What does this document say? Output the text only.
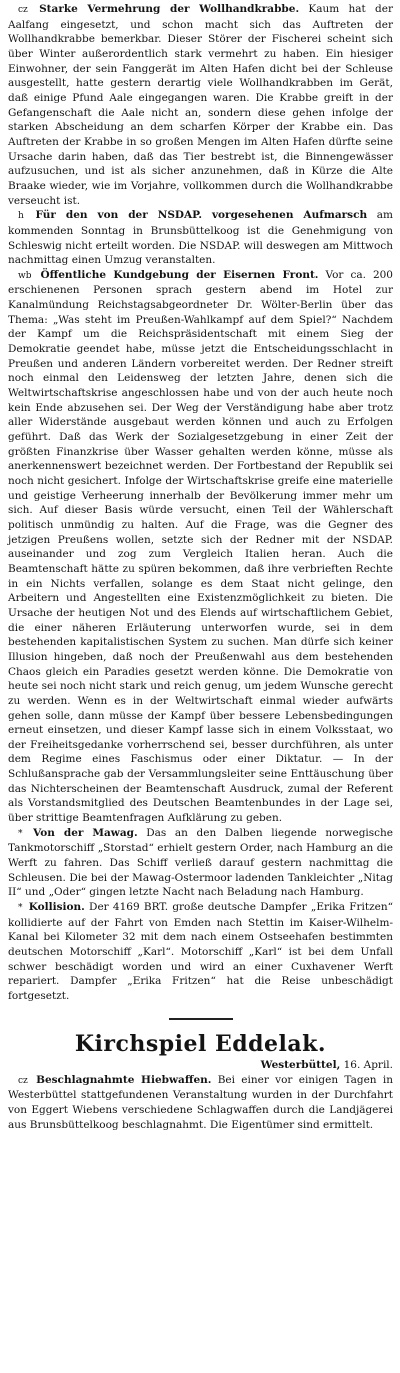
cz Starke Vermehrung der Wollhandkrabbe. Kaum hat der Aalfang eingesetzt, und schon macht sich das Auftreten der Wollhandkrabbe bemerkbar. Dieser Störer der Fischerei scheint sich über Winter außerordentlich stark vermehrt zu haben. Ein hiesiger Einwohner, der sein Fanggerät im Alten Hafen dicht bei der Schleuse ausgestellt, hatte gestern derartig viele Wollhandkrabben im Gerät, daß einige Pfund Aale eingegangen waren. Die Krabbe greift in der Gefangenschaft die Aale nicht an, sondern diese gehen infolge der starken Abscheidung an dem scharfen Körper der Krabbe ein. Das Auftreten der Krabbe in so großen Mengen im Alten Hafen dürfte seine Ursache darin haben, daß das Tier bestrebt ist, die Binnengewässer aufzusuchen, und ist als sicher anzunehmen, daß in Kürze die Alte Braake wieder, wie im Vorjahre, vollkommen durch die Wollhandkrabbe verseucht ist.

h Für den von der NSDAP. vorgesehenen Aufmarsch am kommenden Sonntag in Brunsbüttelkoog ist die Genehmigung von Schleswig nicht erteilt worden. Die NSDAP. will deswegen am Mittwoch nachmittag einen Umzug veranstalten.

wb Öffentliche Kundgebung der Eisernen Front. Vor ca. 200 erschienenen Personen sprach gestern abend im Hotel zur Kanalmündung Reichstagsabgeordneter Dr. Wölter-Berlin über das Thema: „Was steht im Preußen-Wahlkampf auf dem Spiel?“ Nachdem der Kampf um die Reichspräsidentschaft mit einem Sieg der Demokratie geendet habe, müsse jetzt die Entscheidungsschlacht in Preußen und anderen Ländern vorbereitet werden. Der Redner streift noch einmal den Leidensweg der letzten Jahre, denen sich die Weltwirtschaftskrise angeschlossen habe und von der auch heute noch kein Ende abzusehen sei. Der Weg der Verständigung habe aber trotz aller Widerstände ausgebaut werden können und auch zu Erfolgen geführt. Daß das Werk der Sozialgesetzgebung in einer Zeit der größten Finanzkrise über Wasser gehalten werden könne, müsse als anerkennenswert bezeichnet werden. Der Fortbestand der Republik sei noch nicht gesichert. Infolge der Wirtschaftskrise greife eine materielle und geistige Verheerung innerhalb der Bevölkerung immer mehr um sich. Auf dieser Basis würde versucht, einen Teil der Wählerschaft politisch unmündig zu halten. Auf die Frage, was die Gegner des jetzigen Preußens wollen, setzte sich der Redner mit der NSDAP. auseinander und zog zum Vergleich Italien heran. Auch die Beamtenschaft hätte zu spüren bekommen, daß ihre verbrieften Rechte in ein Nichts verfallen, solange es dem Staat nicht gelinge, den Arbeitern und Angestellten eine Existenzmöglichkeit zu bieten. Die Ursache der heutigen Not und des Elends auf wirtschaftlichem Gebiet, die einer näheren Erläuterung unterworfen wurde, sei in dem bestehenden kapitalistischen System zu suchen. Man dürfe sich keiner Illusion hingeben, daß noch der Preußenwahl aus dem bestehenden Chaos gleich ein Paradies gesetzt werden könne. Die Demokratie von heute sei noch nicht stark und reich genug, um jedem Wunsche gerecht zu werden. Wenn es in der Weltwirtschaft einmal wieder aufwärts gehen solle, dann müsse der Kampf über bessere Lebensbedingungen erneut einsetzen, und dieser Kampf lasse sich in einem Volksstaat, wo der Freiheitsgedanke vorherrschend sei, besser durchführen, als unter dem Regime eines Faschismus oder einer Diktatur. — In der Schlußansprache gab der Versammlungsleiter seine Enttäuschung über das Nichterscheinen der Beamtenschaft Ausdruck, zumal der Referent als Vorstandsmitglied des Deutschen Beamtenbundes in der Lage sei, über strittige Beamtenfragen Aufklärung zu geben.

* Von der Mawag. Das an den Dalben liegende norwegische Tankmotorschiff „Storstad“ erhielt gestern Order, nach Hamburg an die Werft zu fahren. Das Schiff verließ darauf gestern nachmittag die Schleusen. Die bei der Mawag-Ostermoor ladenden Tankleichter „Nitag II“ und „Oder“ gingen letzte Nacht nach Beladung nach Hamburg.

* Kollision. Der 4169 BRT. große deutsche Dampfer „Erika Fritzen“ kollidierte auf der Fahrt von Emden nach Stettin im Kaiser-Wilhelm-Kanal bei Kilometer 32 mit dem nach einem Ostseehafen bestimmten deutschen Motorschiff „Karl“. Motorschiff „Karl“ ist bei dem Unfall schwer beschädigt worden und wird an einer Cuxhavener Werft repariert. Dampfer „Erika Fritzen“ hat die Reise unbeschädigt fortgesetzt.

Kirchspiel Eddelak.

Westerbüttel, 16. April.

cz Beschlagnahmte Hiebwaffen. Bei einer vor einigen Tagen in Westerbüttel stattgefundenen Veranstaltung wurden in der Durchfahrt von Eggert Wiebens verschiedene Schlagwaffen durch die Landjägerei aus Brunsbüttelkoog beschlagnahmt. Die Eigentümer sind ermittelt.
